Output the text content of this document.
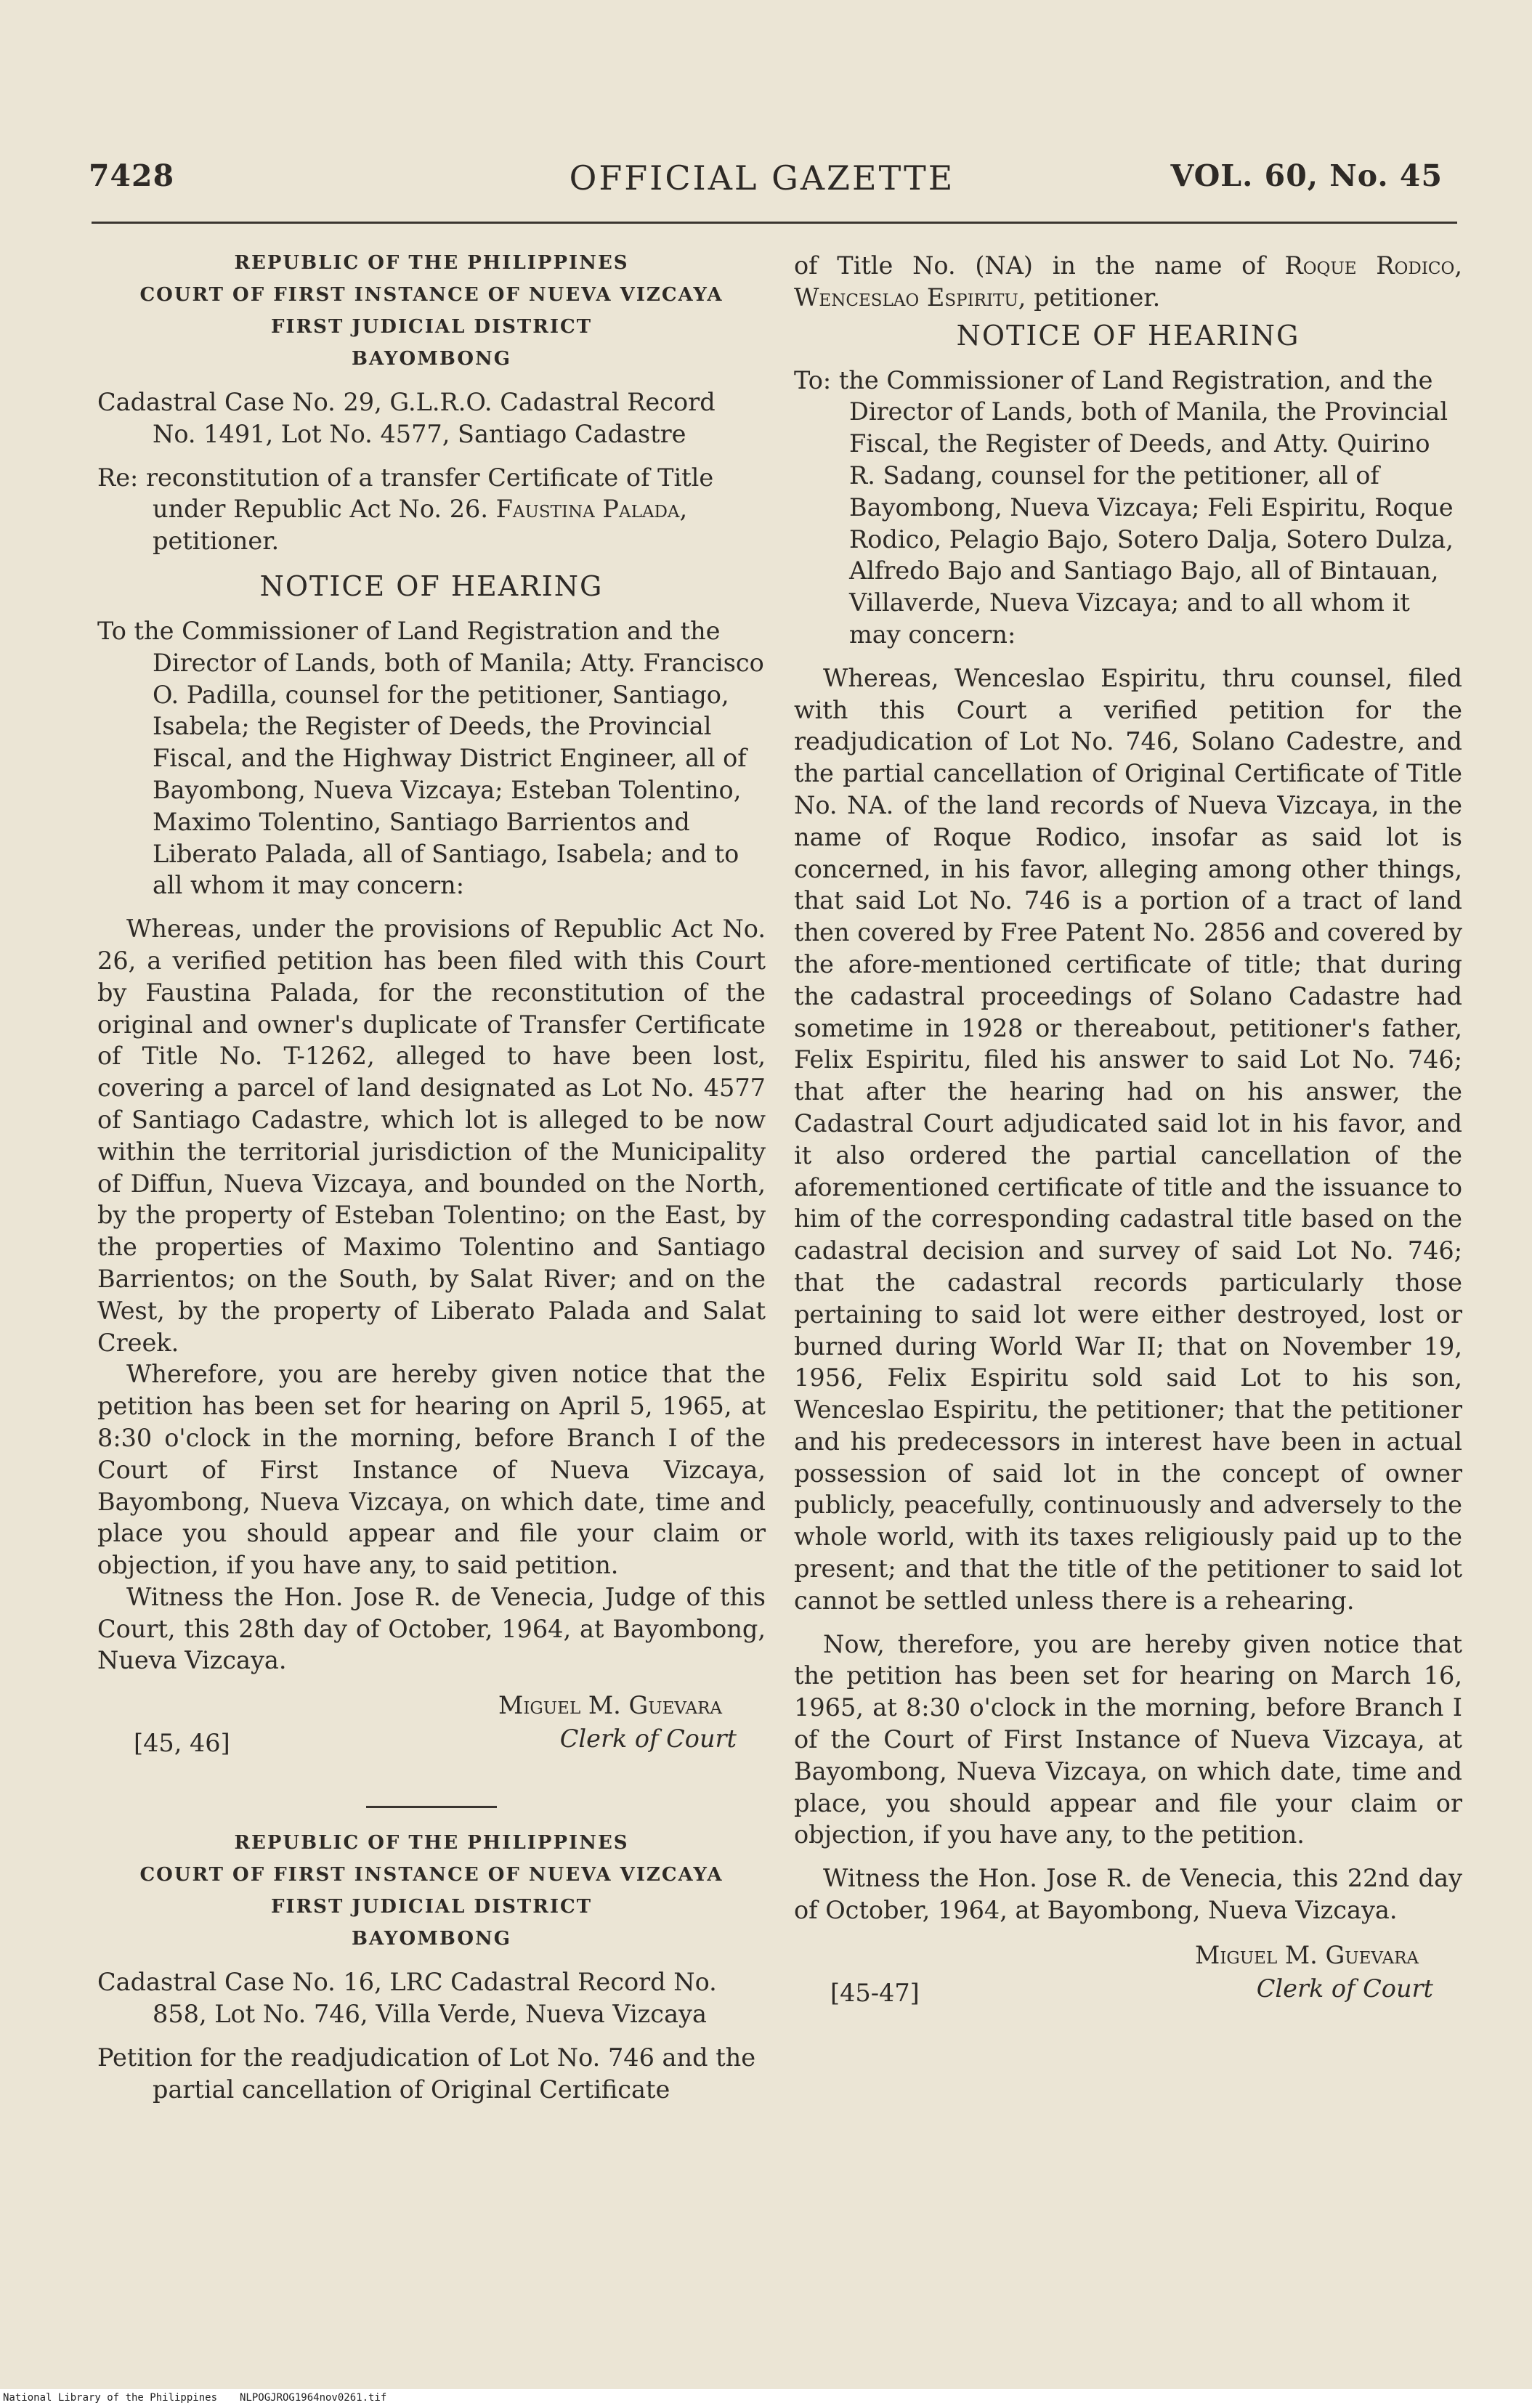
7428	OFFICIAL GAZETTE	VOL. 60, No. 45
REPUBLIC OF THE PHILIPPINES
COURT OF FIRST INSTANCE OF NUEVA VIZCAYA
FIRST JUDICIAL DISTRICT
BAYOMBONG

Cadastral Case No. 29, G.L.R.O. Cadastral Record No. 1491, Lot No. 4577, Santiago Cadastre

Re: reconstitution of a transfer Certificate of Title under Republic Act No. 26. Faustina Palada, petitioner.

NOTICE OF HEARING

To the Commissioner of Land Registration and the Director of Lands, both of Manila; Atty. Francisco O. Padilla, counsel for the petitioner, Santiago, Isabela; the Register of Deeds, the Provincial Fiscal, and the Highway District Engineer, all of Bayombong, Nueva Vizcaya; Esteban Tolentino, Maximo Tolentino, Santiago Barrientos and Liberato Palada, all of Santiago, Isabela; and to all whom it may concern:

Whereas, under the provisions of Republic Act No. 26, a verified petition has been filed with this Court by Faustina Palada, for the reconstitution of the original and owner's duplicate of Transfer Certificate of Title No. T-1262, alleged to have been lost, covering a parcel of land designated as Lot No. 4577 of Santiago Cadastre, which lot is alleged to be now within the territorial jurisdiction of the Municipality of Diffun, Nueva Vizcaya, and bounded on the North, by the property of Esteban Tolentino; on the East, by the properties of Maximo Tolentino and Santiago Barrientos; on the South, by Salat River; and on the West, by the property of Liberato Palada and Salat Creek.

Wherefore, you are hereby given notice that the petition has been set for hearing on April 5, 1965, at 8:30 o'clock in the morning, before Branch I of the Court of First Instance of Nueva Vizcaya, Bayombong, Nueva Vizcaya, on which date, time and place you should appear and file your claim or objection, if you have any, to said petition.

Witness the Hon. Jose R. de Venecia, Judge of this Court, this 28th day of October, 1964, at Bayombong, Nueva Vizcaya.

Miguel M. Guevara
Clerk of Court
[45, 46]
REPUBLIC OF THE PHILIPPINES
COURT OF FIRST INSTANCE OF NUEVA VIZCAYA
FIRST JUDICIAL DISTRICT
BAYOMBONG

Cadastral Case No. 16, LRC Cadastral Record No. 858, Lot No. 746, Villa Verde, Nueva Vizcaya

Petition for the readjudication of Lot No. 746 and the partial cancellation of Original Certificate

of Title No. (NA) in the name of Roque Rodico, Wenceslao Espiritu, petitioner.

NOTICE OF HEARING

To: the Commissioner of Land Registration, and the Director of Lands, both of Manila, the Provincial Fiscal, the Register of Deeds, and Atty. Quirino R. Sadang, counsel for the petitioner, all of Bayombong, Nueva Vizcaya; Feli Espiritu, Roque Rodico, Pelagio Bajo, Sotero Dalja, Sotero Dulza, Alfredo Bajo and Santiago Bajo, all of Bintauan, Villaverde, Nueva Vizcaya; and to all whom it may concern:

Whereas, Wenceslao Espiritu, thru counsel, filed with this Court a verified petition for the readjudication of Lot No. 746, Solano Cadestre, and the partial cancellation of Original Certificate of Title No. NA. of the land records of Nueva Vizcaya, in the name of Roque Rodico, insofar as said lot is concerned, in his favor, alleging among other things, that said Lot No. 746 is a portion of a tract of land then covered by Free Patent No. 2856 and covered by the afore-mentioned certificate of title; that during the cadastral proceedings of Solano Cadastre had sometime in 1928 or thereabout, petitioner's father, Felix Espiritu, filed his answer to said Lot No. 746; that after the hearing had on his answer, the Cadastral Court adjudicated said lot in his favor, and it also ordered the partial cancellation of the aforementioned certificate of title and the issuance to him of the corresponding cadastral title based on the cadastral decision and survey of said Lot No. 746; that the cadastral records particularly those pertaining to said lot were either destroyed, lost or burned during World War II; that on November 19, 1956, Felix Espiritu sold said Lot to his son, Wenceslao Espiritu, the petitioner; that the petitioner and his predecessors in interest have been in actual possession of said lot in the concept of owner publicly, peacefully, continuously and adversely to the whole world, with its taxes religiously paid up to the present; and that the title of the petitioner to said lot cannot be settled unless there is a rehearing.

Now, therefore, you are hereby given notice that the petition has been set for hearing on March 16, 1965, at 8:30 o'clock in the morning, before Branch I of the Court of First Instance of Nueva Vizcaya, at Bayombong, Nueva Vizcaya, on which date, time and place, you should appear and file your claim or objection, if you have any, to the petition.

Witness the Hon. Jose R. de Venecia, this 22nd day of October, 1964, at Bayombong, Nueva Vizcaya.

Miguel M. Guevara
Clerk of Court
[45-47]
National Library of the Philippines NLPOGJROG1964nov0261.tif
